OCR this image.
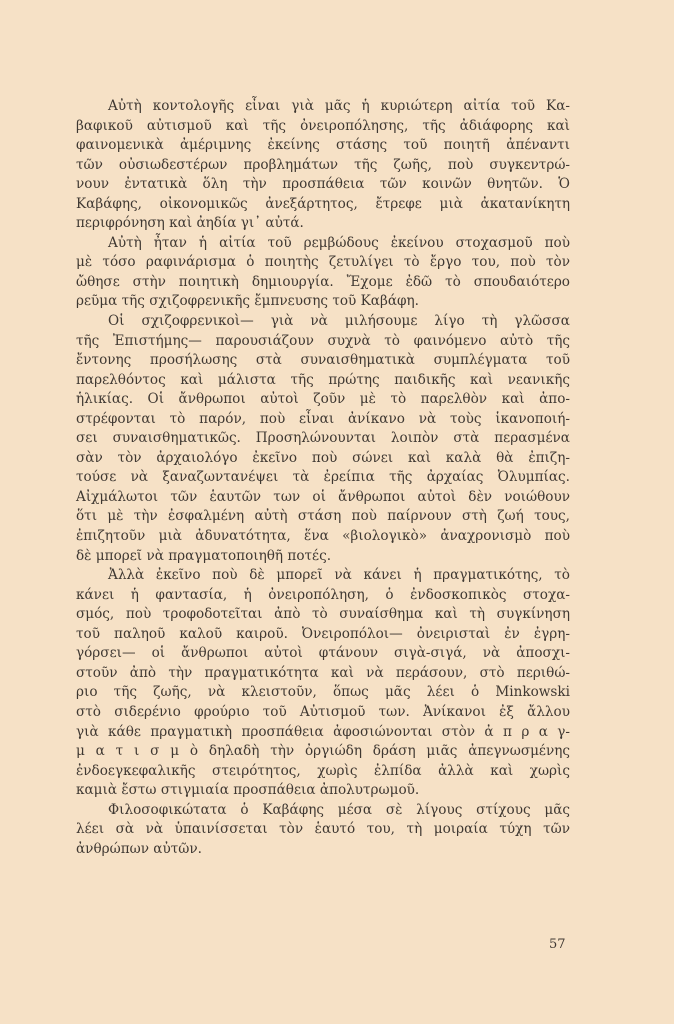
Αὐτὴ κοντολογῆς εἶναι γιὰ μᾶς ἡ κυριώτερη αἰτία τοῦ Κα-
βαφικοῦ αὐτισμοῦ καὶ τῆς ὀνειροπόλησης, τῆς ἀδιάφορης καὶ
φαινομενικὰ ἀμέριμνης ἐκείνης στάσης τοῦ ποιητῆ ἀπέναντι
τῶν οὐσιωδεστέρων προβλημάτων τῆς ζωῆς, ποὺ συγκεντρώ-
νουν ἐντατικὰ ὅλη τὴν προσπάθεια τῶν κοινῶν θνητῶν. Ὁ
Καβάφης, οἰκονομικῶς ἀνεξάρτητος, ἔτρεφε μιὰ ἀκατανίκητη
περιφρόνηση καὶ ἀηδία γι᾽ αὐτά.
Αὐτὴ ἦταν ἡ αἰτία τοῦ ρεμβώδους ἐκείνου στοχασμοῦ ποὺ
μὲ τόσο ραφινάρισμα ὁ ποιητὴς ζετυλίγει τὸ ἔργο του, ποὺ τὸν
ὤθησε στὴν ποιητικὴ δημιουργία. Ἔχομε ἐδῶ τὸ σπουδαιότερο
ρεῦμα τῆς σχιζοφρενικῆς ἔμπνευσης τοῦ Καβάφη.
Οἱ σχιζοφρενικοὶ— γιὰ νὰ μιλήσουμε λίγο τὴ γλῶσσα
τῆς Ἐπιστήμης— παρουσιάζουν συχνὰ τὸ φαινόμενο αὐτὸ τῆς
ἔντονης προσήλωσης στὰ συναισθηματικὰ συμπλέγματα τοῦ
παρελθόντος καὶ μάλιστα τῆς πρώτης παιδικῆς καὶ νεανικῆς
ἡλικίας. Οἱ ἄνθρωποι αὐτοὶ ζοῦν μὲ τὸ παρελθὸν καὶ ἀπο-
στρέφονται τὸ παρόν, ποὺ εἶναι ἀνίκανο νὰ τοὺς ἱκανοποιή-
σει συναισθηματικῶς. Προσηλώνουνται λοιπὸν στὰ περασμένα
σὰν τὸν ἀρχαιολόγο ἐκεῖνο ποὺ σώνει καὶ καλὰ θὰ ἐπιζη-
τούσε νὰ ξαναζωντανέψει τὰ ἐρείπια τῆς ἀρχαίας Ὀλυμπίας.
Αἰχμάλωτοι τῶν ἑαυτῶν των οἱ ἄνθρωποι αὐτοὶ δὲν νοιώθουν
ὅτι μὲ τὴν ἐσφαλμένη αὐτὴ στάση ποὺ παίρνουν στὴ ζωή τους,
ἐπιζητοῦν μιὰ ἀδυνατότητα, ἕνα «βιολογικὸ» ἀναχρονισμὸ ποὺ
δὲ μπορεῖ νὰ πραγματοποιηθῆ ποτές.
Ἀλλὰ ἐκεῖνο ποὺ δὲ μπορεῖ νὰ κάνει ἡ πραγματικότης, τὸ
κάνει ἡ φαντασία, ἡ ὀνειροπόληση, ὁ ἐνδοσκοπικὸς στοχα-
σμός, ποὺ τροφοδοτεῖται ἀπὸ τὸ συναίσθημα καὶ τὴ συγκίνηση
τοῦ παληοῦ καλοῦ καιροῦ. Ὀνειροπόλοι— ὀνειρισταὶ ἐν ἐγρη-
γόρσει— οἱ ἄνθρωποι αὐτοὶ φτάνουν σιγὰ-σιγά, νὰ ἀποσχι-
στοῦν ἀπὸ τὴν πραγματικότητα καὶ νὰ περάσουν, στὸ περιθώ-
ριο τῆς ζωῆς, νὰ κλειστοῦν, ὅπως μᾶς λέει ὁ Minkowski
στὸ σιδερένιο φρούριο τοῦ Αὐτισμοῦ των. Ἀνίκανοι ἐξ ἄλλου
γιὰ κάθε πραγματικὴ προσπάθεια ἀφοσιώνονται στὸν ἀ π ρ α γ-
μ α τ ι σ μ ὸ δηλαδὴ τὴν ὀργιώδη δράση μιᾶς ἀπεγνωσμένης
ἐνδοεγκεφαλικῆς στειρότητος, χωρὶς ἐλπίδα ἀλλὰ καὶ χωρὶς
καμιὰ ἔστω στιγμιαία προσπάθεια ἀπολυτρωμοῦ.
Φιλοσοφικώτατα ὁ Καβάφης μέσα σὲ λίγους στίχους μᾶς
λέει σὰ νὰ ὑπαινίσσεται τὸν ἑαυτό του, τὴ μοιραία τύχη τῶν
ἀνθρώπων αὐτῶν.
57
